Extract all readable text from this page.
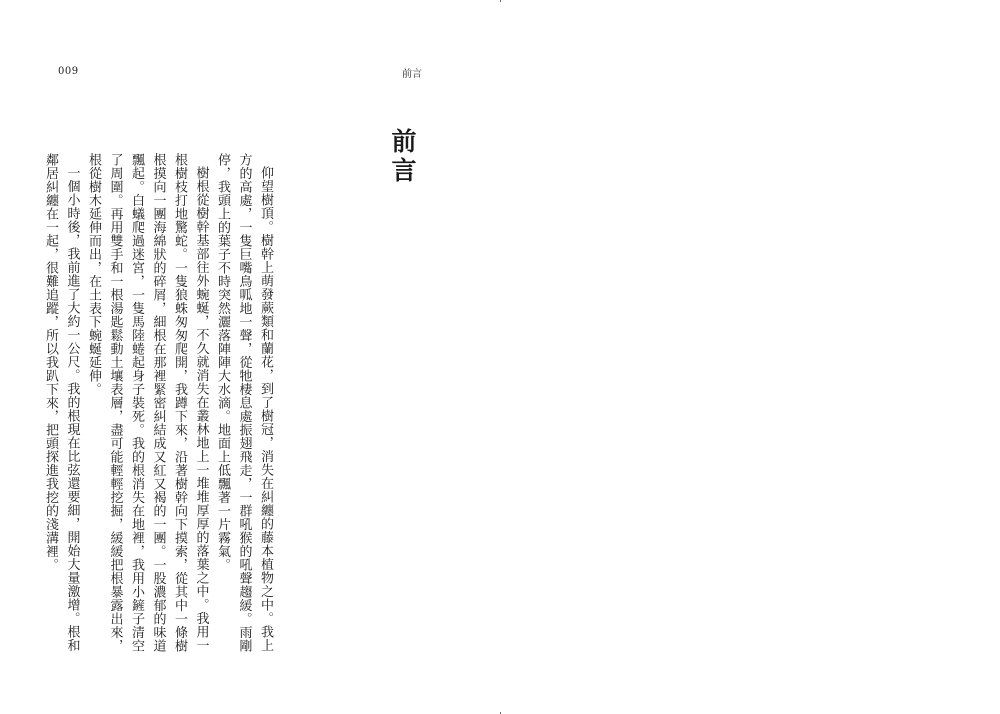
009	前言
前言

仰望樹頂。樹幹上萌發蕨類和蘭花，到了樹冠，消失在糾纏的藤本植物之中。我上方的高處，一隻巨嘴鳥呱地一聲，從牠棲息處振翅飛走，一群吼猴的吼聲趨緩。雨剛停，我頭上的葉子不時突然灑落陣陣大水滴。地面上低飄著一片霧氣。

樹根從樹幹基部往外蜿蜒，不久就消失在叢林地上一堆堆厚厚的落葉之中。我用一根樹枝打地驚蛇。一隻狼蛛匆匆爬開，我蹲下來，沿著樹幹向下摸索，從其中一條樹根摸向一團海綿狀的碎屑，細根在那裡緊密糾結成又紅又褐的一團。一股濃郁的味道飄起。白蟻爬過迷宮，一隻馬陸蜷起身子裝死。我的根消失在地裡，我用小鏟子清空了周圍。再用雙手和一根湯匙鬆動土壤表層，盡可能輕輕挖掘，緩緩把根暴露出來，根從樹木延伸而出，在土表下蜿蜒延伸。

一個小時後，我前進了大約一公尺。我的根現在比弦還要細，開始大量激增。根和鄰居糾纏在一起，很難追蹤，所以我趴下來，把頭探進我挖的淺溝裡。
